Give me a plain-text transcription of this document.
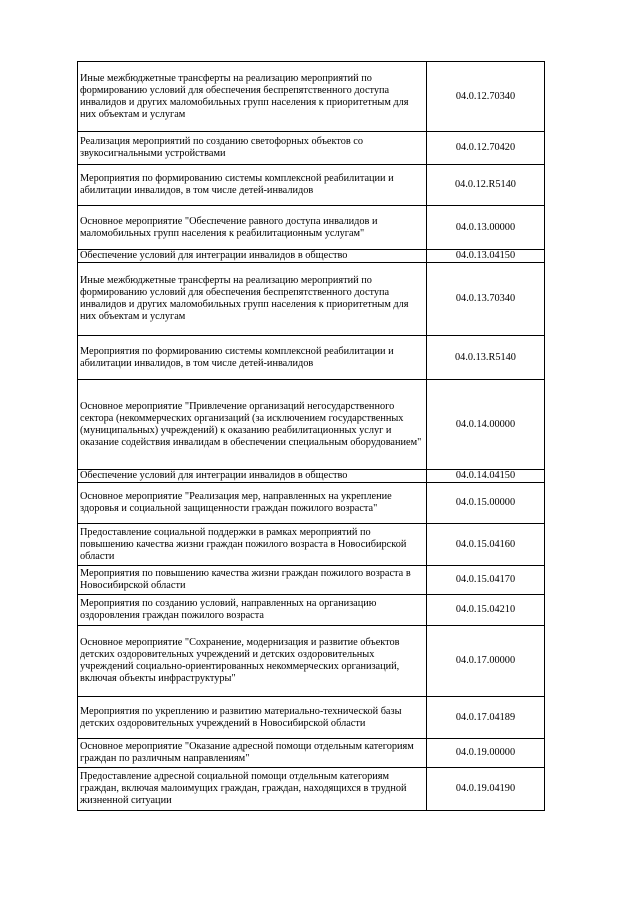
Иные межбюджетные трансферты на реализацию мероприятий по формированию условий для обеспечения беспрепятственного доступа инвалидов и других маломобильных групп населения к приоритетным для них объектам и услугам	04.0.12.70340
Реализация мероприятий по созданию светофорных объектов со звукосигнальными устройствами	04.0.12.70420
Мероприятия по формированию системы комплексной реабилитации и абилитации инвалидов, в том числе детей-инвалидов	04.0.12.R5140
Основное мероприятие "Обеспечение равного доступа инвалидов и маломобильных групп населения к реабилитационным услугам"	04.0.13.00000
Обеспечение условий для интеграции инвалидов в общество	04.0.13.04150
Иные межбюджетные трансферты на реализацию мероприятий по формированию условий для обеспечения беспрепятственного доступа инвалидов и других маломобильных групп населения к приоритетным для них объектам и услугам	04.0.13.70340
Мероприятия по формированию системы комплексной реабилитации и абилитации инвалидов, в том числе детей-инвалидов	04.0.13.R5140
Основное мероприятие "Привлечение организаций негосударственного сектора (некоммерческих организаций (за исключением государственных (муниципальных) учреждений) к оказанию реабилитационных услуг и оказание содействия инвалидам в обеспечении специальным оборудованием"	04.0.14.00000
Обеспечение условий для интеграции инвалидов в общество	04.0.14.04150
Основное мероприятие "Реализация мер, направленных на укрепление здоровья и социальной защищенности граждан пожилого возраста"	04.0.15.00000
Предоставление социальной поддержки в рамках мероприятий по повышению качества жизни граждан пожилого возраста в Новосибирской области	04.0.15.04160
Мероприятия по повышению качества жизни граждан пожилого возраста в Новосибирской области	04.0.15.04170
Мероприятия по созданию условий, направленных на организацию оздоровления граждан пожилого возраста	04.0.15.04210
Основное мероприятие "Сохранение, модернизация и развитие объектов детских оздоровительных учреждений и детских оздоровительных учреждений социально-ориентированных некоммерческих организаций, включая объекты инфраструктуры"	04.0.17.00000
Мероприятия по укреплению и развитию материально-технической базы детских оздоровительных учреждений в Новосибирской области	04.0.17.04189
Основное мероприятие "Оказание адресной помощи отдельным категориям граждан по различным направлениям"	04.0.19.00000
Предоставление адресной социальной помощи отдельным категориям граждан, включая малоимущих граждан, граждан, находящихся в трудной жизненной ситуации	04.0.19.04190
